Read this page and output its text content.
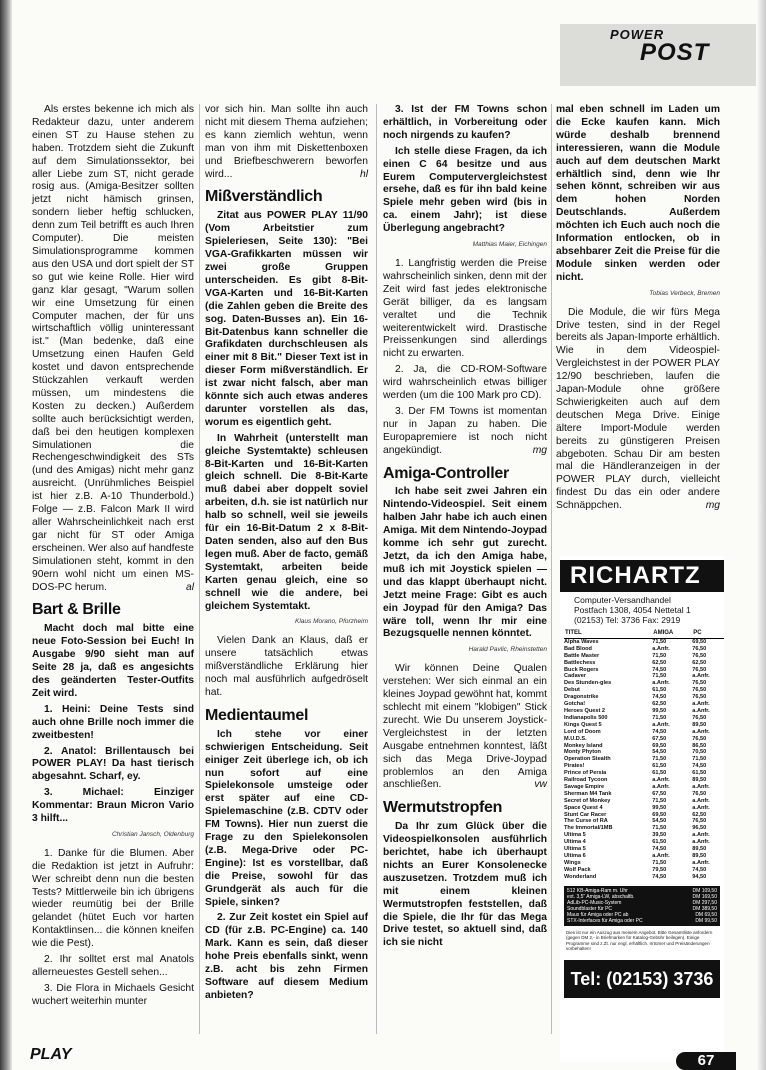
POWER
POST

Als erstes bekenne ich mich als Redakteur dazu, unter anderem einen ST zu Hause stehen zu haben. Trotzdem sieht die Zukunft auf dem Simulationssektor, bei aller Liebe zum ST, nicht gerade rosig aus. (Amiga-Besitzer sollten jetzt nicht hämisch grinsen, sondern lieber heftig schlucken, denn zum Teil betrifft es auch Ihren Computer). Die meisten Simulationsprogramme kommen aus den USA und dort spielt der ST so gut wie keine Rolle. Hier wird ganz klar gesagt, "Warum sollen wir eine Umsetzung für einen Computer machen, der für uns wirtschaftlich völlig uninteressant ist." (Man bedenke, daß eine Umsetzung einen Haufen Geld kostet und davon entsprechende Stückzahlen verkauft werden müssen, um mindestens die Kosten zu decken.) Außerdem sollte auch berücksichtigt werden, daß bei den heutigen komplexen Simulationen die Rechengeschwindigkeit des STs (und des Amigas) nicht mehr ganz ausreicht. (Unrühmliches Beispiel ist hier z.B. A-10 Thunderbold.) Folge — z.B. Falcon Mark II wird aller Wahrscheinlichkeit nach erst gar nicht für ST oder Amiga erscheinen. Wer also auf handfeste Simulationen steht, kommt in den 90ern wohl nicht um einen MS-DOS-PC herum.	al

Bart & Brille

Macht doch mal bitte eine neue Foto-Session bei Euch! In Ausgabe 9/90 sieht man auf Seite 28 ja, daß es angesichts des geänderten Tester-Outfits Zeit wird.

1. Heini: Deine Tests sind auch ohne Brille noch immer die zweitbesten!

2. Anatol: Brillentausch bei POWER PLAY! Da hast tierisch abgesahnt. Scharf, ey.

3. Michael: Einziger Kommentar: Braun Micron Vario 3 hilft...

Christian Jansch, Oldenburg

1. Danke für die Blumen. Aber die Redaktion ist jetzt in Aufruhr: Wer schreibt denn nun die besten Tests? Mittlerweile bin ich übrigens wieder reumütig bei der Brille gelandet (hütet Euch vor harten Kontaktlinsen... die können kneifen wie die Pest).

2. Ihr solltet erst mal Anatols allerneuestes Gestell sehen...

3. Die Flora in Michaels Gesicht wuchert weiterhin munter

vor sich hin. Man sollte ihn auch nicht mit diesem Thema aufziehen; es kann ziemlich wehtun, wenn man von ihm mit Diskettenboxen und Briefbeschwerern beworfen wird...	hl

Mißverständlich

Zitat aus POWER PLAY 11/90 (Vom Arbeitstier zum Spieleriesen, Seite 130): "Bei VGA-Grafikkarten müssen wir zwei große Gruppen unterscheiden. Es gibt 8-Bit-VGA-Karten und 16-Bit-Karten (die Zahlen geben die Breite des sog. Daten-Busses an). Ein 16-Bit-Datenbus kann schneller die Grafikdaten durchschleusen als einer mit 8 Bit." Dieser Text ist in dieser Form mißverständlich. Er ist zwar nicht falsch, aber man könnte sich auch etwas anderes darunter vorstellen als das, worum es eigentlich geht.

In Wahrheit (unterstellt man gleiche Systemtakte) schleusen 8-Bit-Karten und 16-Bit-Karten gleich schnell. Die 8-Bit-Karte muß dabei aber doppelt soviel arbeiten, d.h. sie ist natürlich nur halb so schnell, weil sie jeweils für ein 16-Bit-Datum 2 x 8-Bit-Daten senden, also auf den Bus legen muß. Aber de facto, gemäß Systemtakt, arbeiten beide Karten genau gleich, eine so schnell wie die andere, bei gleichem Systemtakt.

Klaus Morano, Pforzheim

Vielen Dank an Klaus, daß er unsere tatsächlich etwas mißverständliche Erklärung hier noch mal ausführlich aufgedröselt hat.

Medientaumel

Ich stehe vor einer schwierigen Entscheidung. Seit einiger Zeit überlege ich, ob ich nun sofort auf eine Spielekonsole umsteige oder erst später auf eine CD-Spielemaschine (z.B. CDTV oder FM Towns). Hier nun zuerst die Frage zu den Spielekonsolen (z.B. Mega-Drive oder PC-Engine): Ist es vorstellbar, daß die Preise, sowohl für das Grundgerät als auch für die Spiele, sinken?

2. Zur Zeit kostet ein Spiel auf CD (für z.B. PC-Engine) ca. 140 Mark. Kann es sein, daß dieser hohe Preis ebenfalls sinkt, wenn z.B. acht bis zehn Firmen Software auf diesem Medium anbieten?

3. Ist der FM Towns schon erhältlich, in Vorbereitung oder noch nirgends zu kaufen?

Ich stelle diese Fragen, da ich einen C 64 besitze und aus Eurem Computervergleichstest ersehe, daß es für ihn bald keine Spiele mehr geben wird (bis in ca. einem Jahr); ist diese Überlegung angebracht?

Matthias Maier, Eichingen

1. Langfristig werden die Preise wahrscheinlich sinken, denn mit der Zeit wird fast jedes elektronische Gerät billiger, da es langsam veraltet und die Technik weiterentwickelt wird. Drastische Preissenkungen sind allerdings nicht zu erwarten.

2. Ja, die CD-ROM-Software wird wahrscheinlich etwas billiger werden (um die 100 Mark pro CD).

3. Der FM Towns ist momentan nur in Japan zu haben. Die Europapremiere ist noch nicht angekündigt.	mg

Amiga-Controller

Ich habe seit zwei Jahren ein Nintendo-Videospiel. Seit einem halben Jahr habe ich auch einen Amiga. Mit dem Nintendo-Joypad komme ich sehr gut zurecht. Jetzt, da ich den Amiga habe, muß ich mit Joystick spielen — und das klappt überhaupt nicht. Jetzt meine Frage: Gibt es auch ein Joypad für den Amiga? Das wäre toll, wenn Ihr mir eine Bezugsquelle nennen könntet.

Harald Pavlic, Rheinstetten

Wir können Deine Qualen verstehen: Wer sich einmal an ein kleines Joypad gewöhnt hat, kommt schlecht mit einem "klobigen" Stick zurecht. Wie Du unserem Joystick-Vergleichstest in der letzten Ausgabe entnehmen konntest, läßt sich das Mega Drive-Joypad problemlos an den Amiga anschließen.	vw

Wermutstropfen

Da Ihr zum Glück über die Videospielkonsolen ausführlich berichtet, habe ich überhaupt nichts an Eurer Konsolenecke auszusetzen. Trotzdem muß ich mit einem kleinen Wermutstropfen feststellen, daß die Spiele, die Ihr für das Mega Drive testet, so aktuell sind, daß ich sie nicht

mal eben schnell im Laden um die Ecke kaufen kann. Mich würde deshalb brennend interessieren, wann die Module auch auf dem deutschen Markt erhältlich sind, denn wie Ihr sehen könnt, schreiben wir aus dem hohen Norden Deutschlands. Außerdem möchten ich Euch auch noch die Information entlocken, ob in absehbarer Zeit die Preise für die Module sinken werden oder nicht.

Tobias Verbeck, Bremen

Die Module, die wir fürs Mega Drive testen, sind in der Regel bereits als Japan-Importe erhältlich. Wie in dem Videospiel-Vergleichstest in der POWER PLAY 12/90 beschrieben, laufen die Japan-Module ohne größere Schwierigkeiten auch auf dem deutschen Mega Drive. Einige ältere Import-Module werden bereits zu günstigeren Preisen abgeboten. Schau Dir am besten mal die Händleranzeigen in der POWER PLAY durch, vielleicht findest Du das ein oder andere Schnäppchen.	mg

RICHARTZ
Computer-Versandhandel
Postfach 1308, 4054 Nettetal 1
(02153) Tel: 3736 Fax: 2919
TITEL	AMIGA	PC
Alpha Waves	71,50	69,50
Bad Blood	a.Anfr.	76,50
Battle Master	71,50	76,50
Battlechess	62,50	62,50
Buck Rogers	74,50	76,50
Cadaver	71,50	a.Anfr.
Des Stunden-gles	a.Anfr.	76,50
Debut	61,50	76,50
Dragonstrike	74,50	76,50
Gotcha!	62,50	a.Anfr.
Heroes Quest 2	99,50	a.Anfr.
Indianapolis 500	71,50	76,50
Kings Quest 5	a.Anfr.	89,50
Lord of Doom	74,50	a.Anfr.
M.U.D.S.	67,50	76,50
Monkey Island	69,50	86,50
Monty Phyton	54,50	70,50
Operation Stealth	71,50	71,50
Pirates!	61,50	74,50
Prince of Persia	61,50	61,50
Railroad Tycoon	a.Anfr.	89,50
Savage Empire	a.Anfr.	a.Anfr.
Sherman M4 Tank	67,50	76,50
Secret of Monkey	71,50	a.Anfr.
Space Quest 4	99,50	a.Anfr.
Stunt Car Racer	69,50	62,50
The Curse of RA	54,50	76,50
The Immortal/1MB	71,50	96,50
Ultima 5	39,50	a.Anfr.
Ultima 4	61,50	a.Anfr.
Ultima 5	74,50	89,50
Ultima 6	a.Anfr.	89,50
Wings	71,50	a.Anfr.
Wolf Pack	79,50	74,50
Wonderland	74,50	94,50
512 KB-Amiga-Ram m. Uhr	DM 109,50
ext. 3,5" Amiga-LW, abschaltb.	DM 169,50
AdLib-PC-Music-System	DM 297,50
Soundblaster für PC	DM 389,50
Maus für Amiga oder PC ab	DM 69,50
STX-Interfaces für Amiga oder PC	DM 99,50
Dies ist nur ein Auszug aus meinem Angebot. Bitte Gesamtliste anfordern (gegen DM 2,- in Briefmarken für Katalog-Gebühr beilegen). Einige Programme sind z.Zt. nur engl. erhältlich. Irrtümer und Preisänderungen vorbehalten!
Tel: (02153) 3736
PLAY	67
